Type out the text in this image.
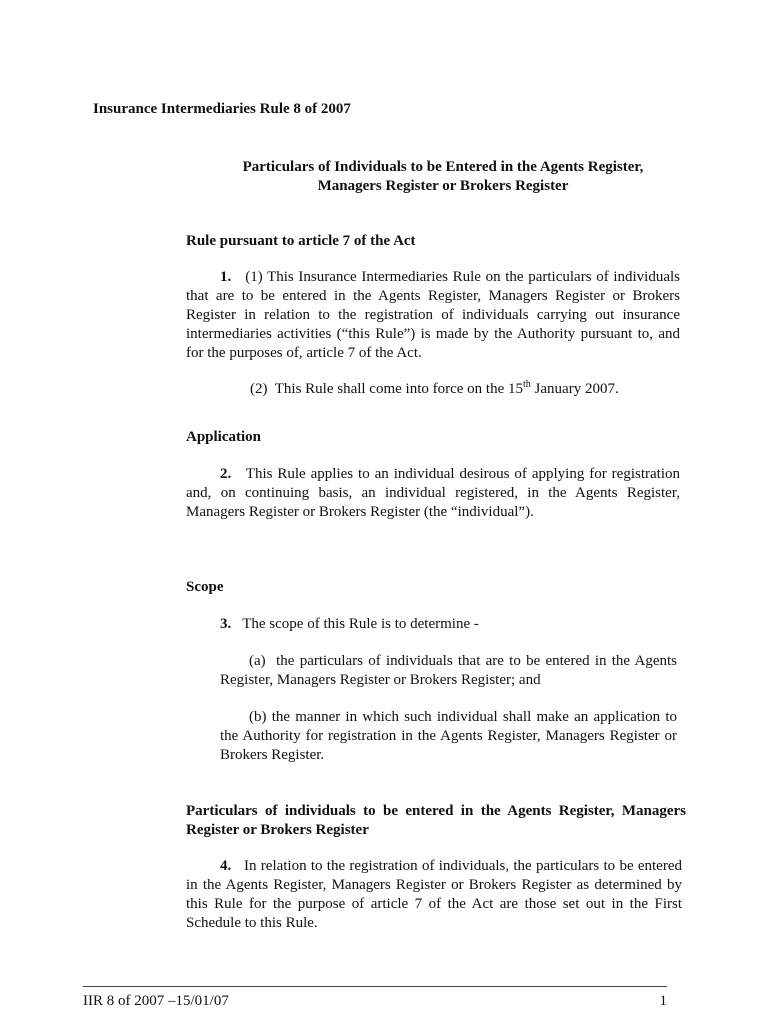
Insurance Intermediaries Rule 8 of 2007
Particulars of Individuals to be Entered in the Agents Register,
Managers Register or Brokers Register
Rule pursuant to article 7 of the Act
1. (1) This Insurance Intermediaries Rule on the particulars of individuals that are to be entered in the Agents Register, Managers Register or Brokers Register in relation to the registration of individuals carrying out insurance intermediaries activities (“this Rule”) is made by the Authority pursuant to, and for the purposes of, article 7 of the Act.
(2) This Rule shall come into force on the 15th January 2007.
Application
2. This Rule applies to an individual desirous of applying for registration and, on continuing basis, an individual registered, in the Agents Register, Managers Register or Brokers Register (the “individual”).
Scope
3. The scope of this Rule is to determine -
(a) the particulars of individuals that are to be entered in the Agents Register, Managers Register or Brokers Register; and
(b) the manner in which such individual shall make an application to the Authority for registration in the Agents Register, Managers Register or Brokers Register.
Particulars of individuals to be entered in the Agents Register, Managers Register or Brokers Register
4. In relation to the registration of individuals, the particulars to be entered in the Agents Register, Managers Register or Brokers Register as determined by this Rule for the purpose of article 7 of the Act are those set out in the First Schedule to this Rule.
IIR 8 of 2007 –15/01/07	1
